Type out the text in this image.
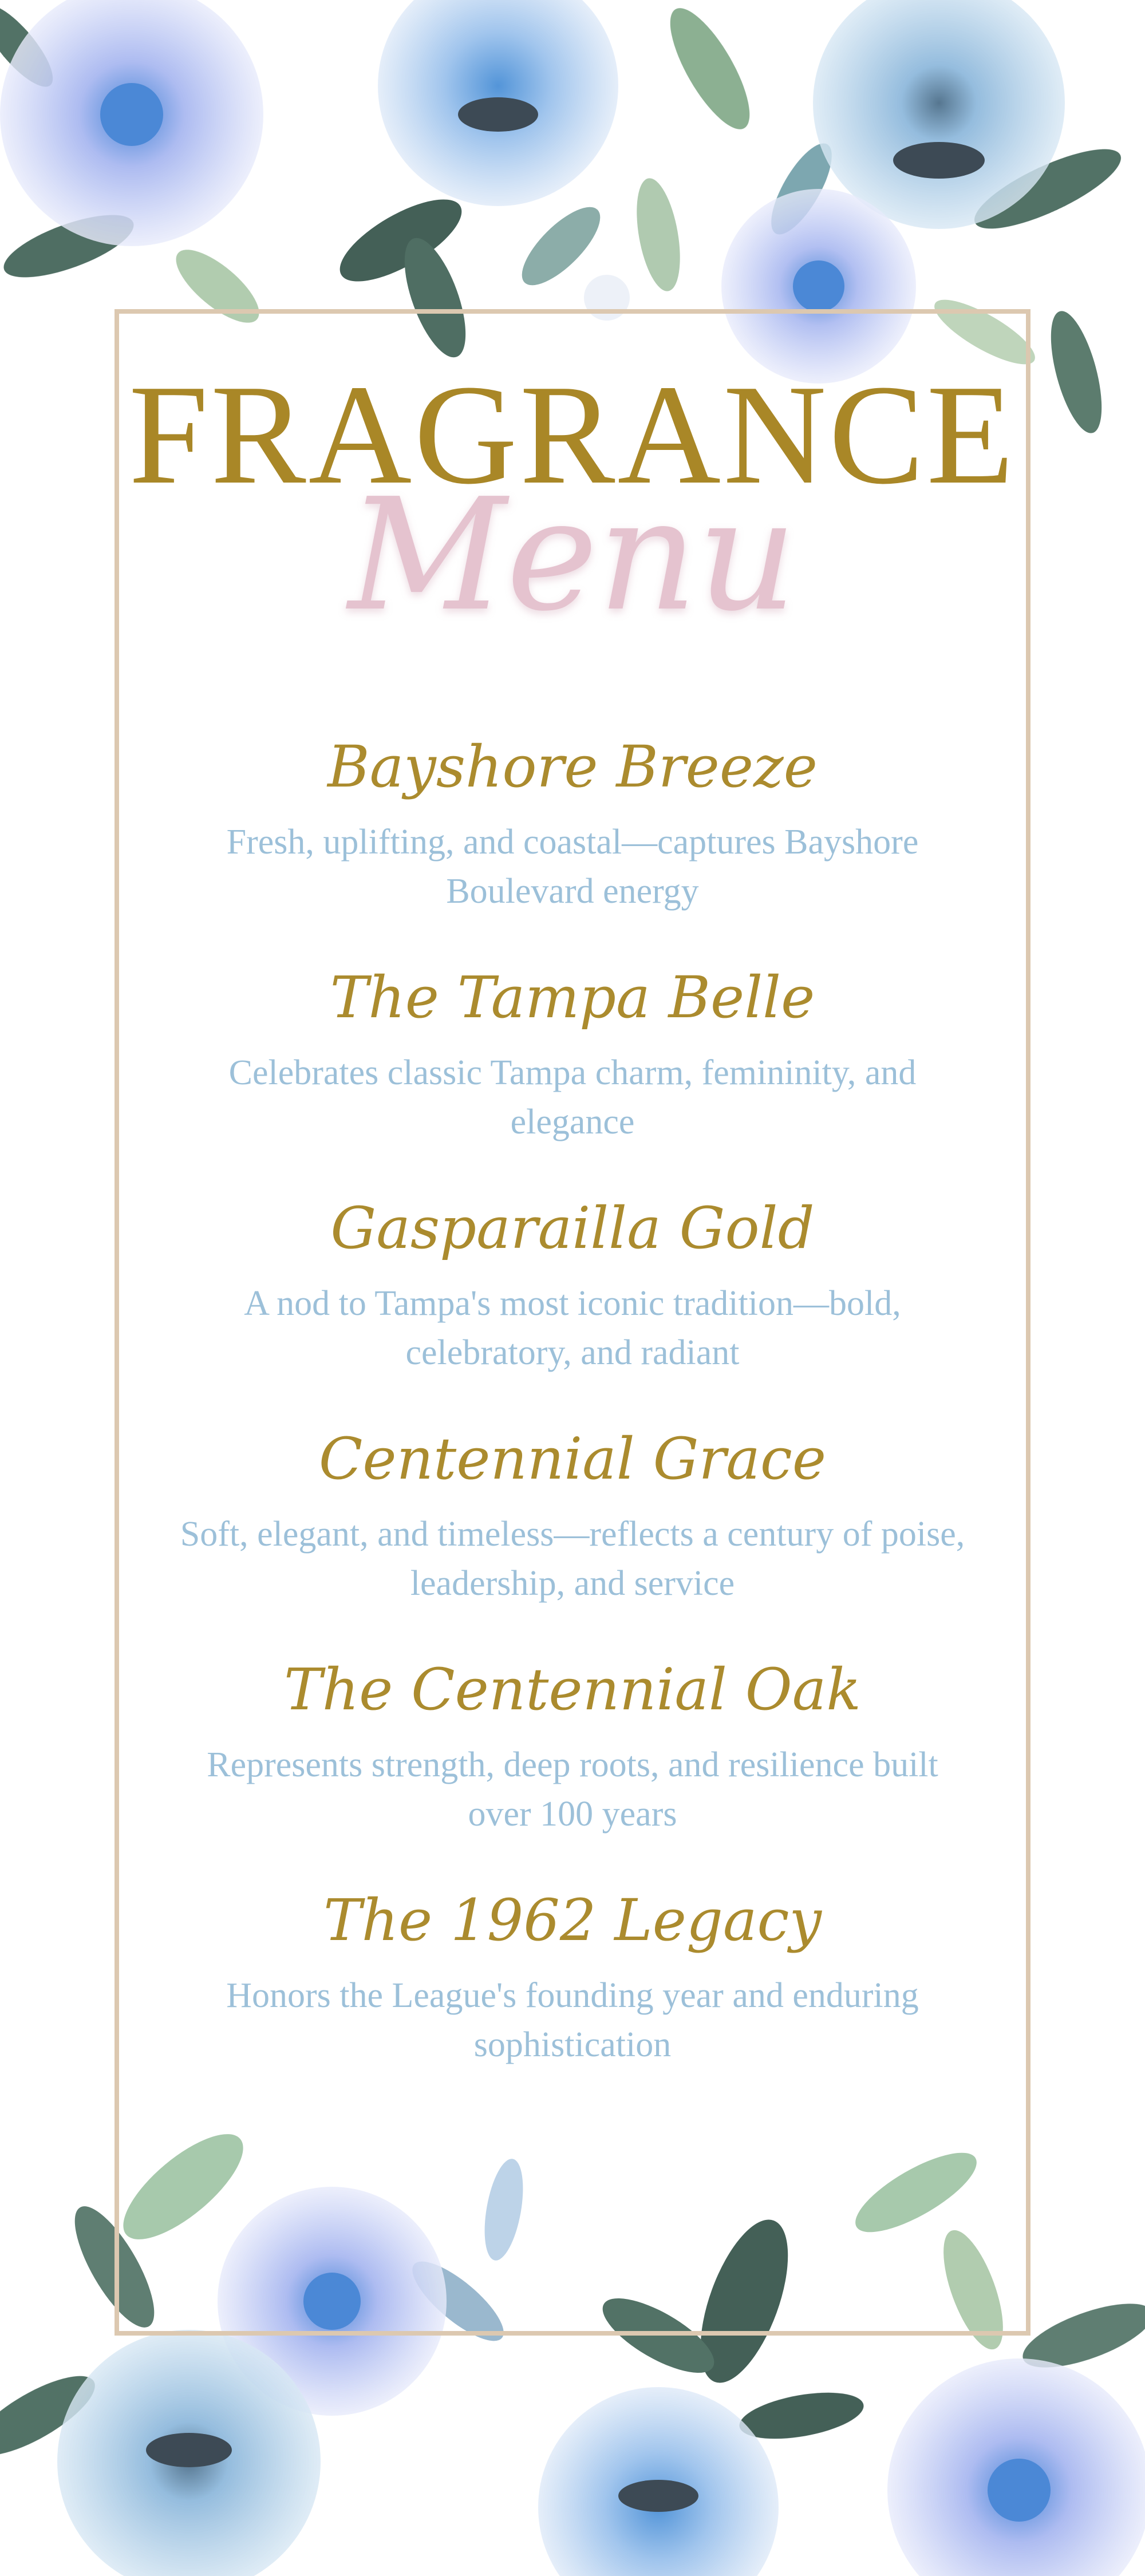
FRAGRANCE
Menu
Bayshore Breeze
Fresh, uplifting, and coastal—captures Bayshore Boulevard energy
The Tampa Belle
Celebrates classic Tampa charm, femininity, and elegance
Gasparailla Gold
A nod to Tampa's most iconic tradition—bold, celebratory, and radiant
Centennial Grace
Soft, elegant, and timeless—reflects a century of poise, leadership, and service
The Centennial Oak
Represents strength, deep roots, and resilience built over 100 years
The 1962 Legacy
Honors the League's founding year and enduring sophistication
